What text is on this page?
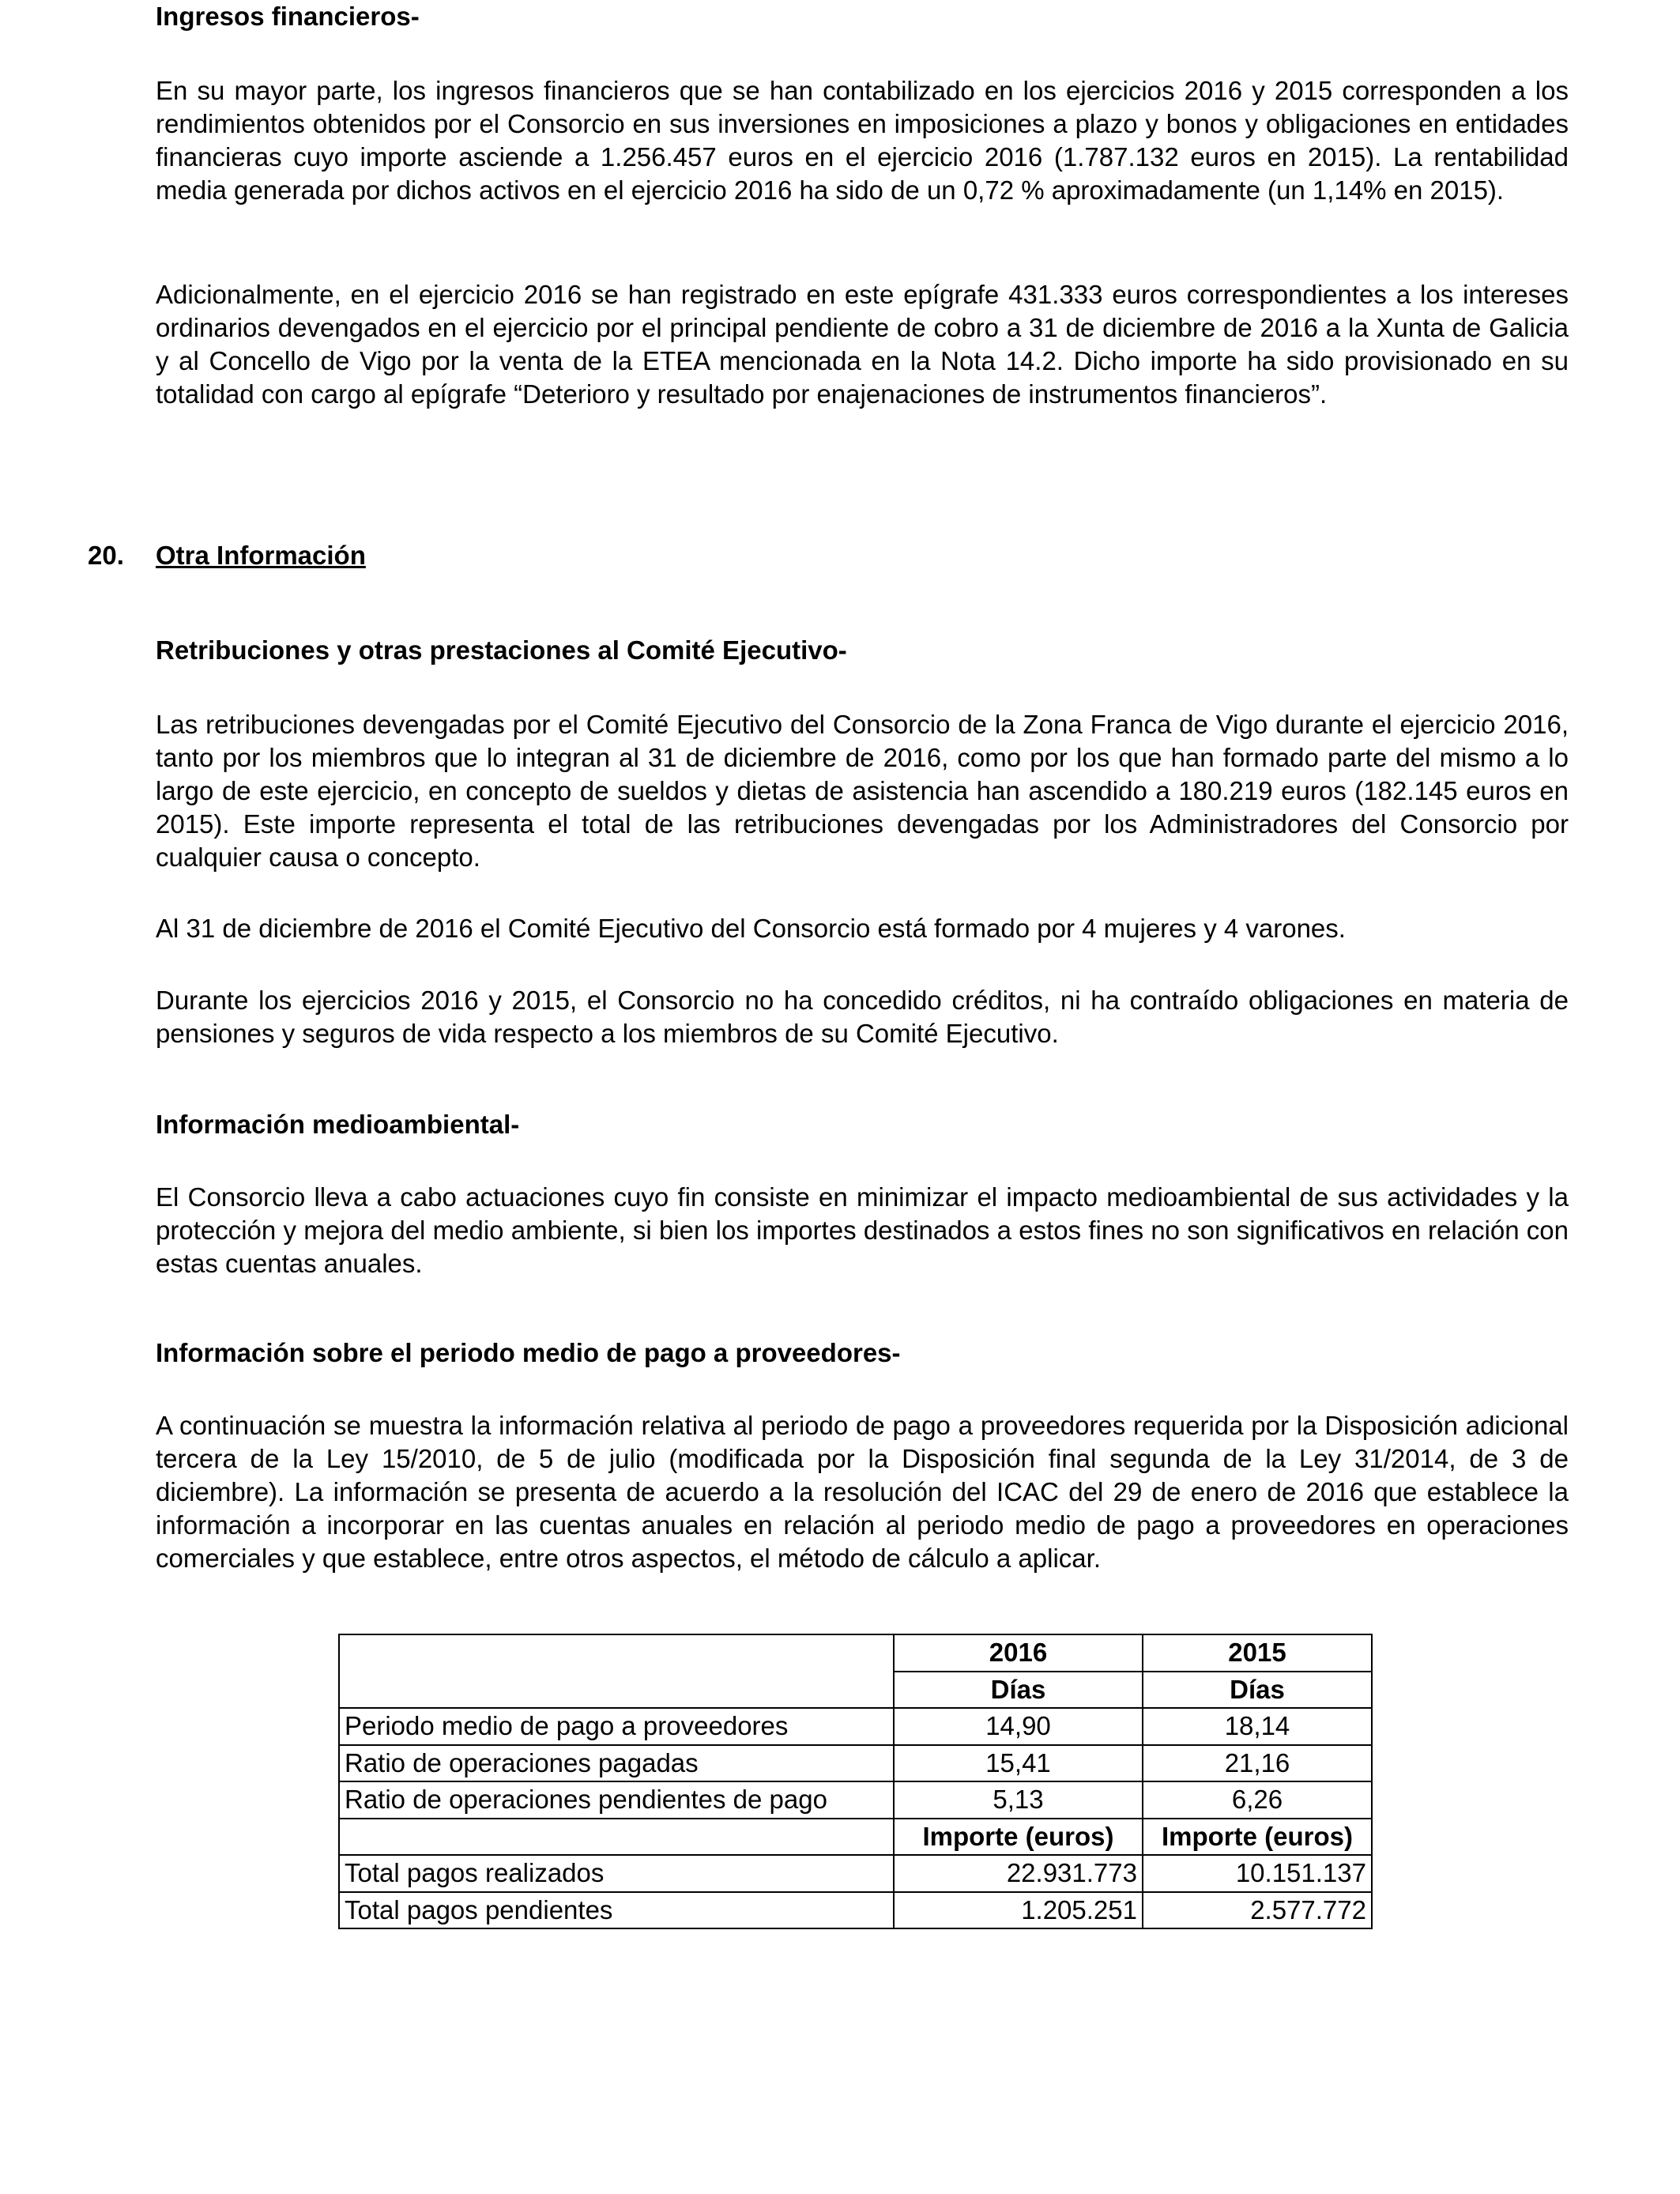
Ingresos financieros-

En su mayor parte, los ingresos financieros que se han contabilizado en los ejercicios 2016 y 2015 corresponden a los rendimientos obtenidos por el Consorcio en sus inversiones en imposiciones a plazo y bonos y obligaciones en entidades financieras cuyo importe asciende a 1.256.457 euros en el ejercicio 2016 (1.787.132 euros en 2015). La rentabilidad media generada por dichos activos en el ejercicio 2016 ha sido de un 0,72 % aproximadamente (un 1,14% en 2015).

Adicionalmente, en el ejercicio 2016 se han registrado en este epígrafe 431.333 euros correspondientes a los intereses ordinarios devengados en el ejercicio por el principal pendiente de cobro a 31 de diciembre de 2016 a la Xunta de Galicia y al Concello de Vigo por la venta de la ETEA mencionada en la Nota 14.2. Dicho importe ha sido provisionado en su totalidad con cargo al epígrafe “Deterioro y resultado por enajenaciones de instrumentos financieros”.

20. Otra Información

Retribuciones y otras prestaciones al Comité Ejecutivo-

Las retribuciones devengadas por el Comité Ejecutivo del Consorcio de la Zona Franca de Vigo durante el ejercicio 2016, tanto por los miembros que lo integran al 31 de diciembre de 2016, como por los que han formado parte del mismo a lo largo de este ejercicio, en concepto de sueldos y dietas de asistencia han ascendido a 180.219 euros (182.145 euros en 2015). Este importe representa el total de las retribuciones devengadas por los Administradores del Consorcio por cualquier causa o concepto.

Al 31 de diciembre de 2016 el Comité Ejecutivo del Consorcio está formado por 4 mujeres y 4 varones.

Durante los ejercicios 2016 y 2015, el Consorcio no ha concedido créditos, ni ha contraído obligaciones en materia de pensiones y seguros de vida respecto a los miembros de su Comité Ejecutivo.

Información medioambiental-

El Consorcio lleva a cabo actuaciones cuyo fin consiste en minimizar el impacto medioambiental de sus actividades y la protección y mejora del medio ambiente, si bien los importes destinados a estos fines no son significativos en relación con estas cuentas anuales.

Información sobre el periodo medio de pago a proveedores-

A continuación se muestra la información relativa al periodo de pago a proveedores requerida por la Disposición adicional tercera de la Ley 15/2010, de 5 de julio (modificada por la Disposición final segunda de la Ley 31/2014, de 3 de diciembre). La información se presenta de acuerdo a la resolución del ICAC del 29 de enero de 2016 que establece la información a incorporar en las cuentas anuales en relación al periodo medio de pago a proveedores en operaciones comerciales y que establece, entre otros aspectos, el método de cálculo a aplicar.

	2016	2015
	Días	Días
Periodo medio de pago a proveedores	14,90	18,14
Ratio de operaciones pagadas	15,41	21,16
Ratio de operaciones pendientes de pago	5,13	6,26
	Importe (euros)	Importe (euros)
Total pagos realizados	22.931.773	10.151.137
Total pagos pendientes	1.205.251	2.577.772
